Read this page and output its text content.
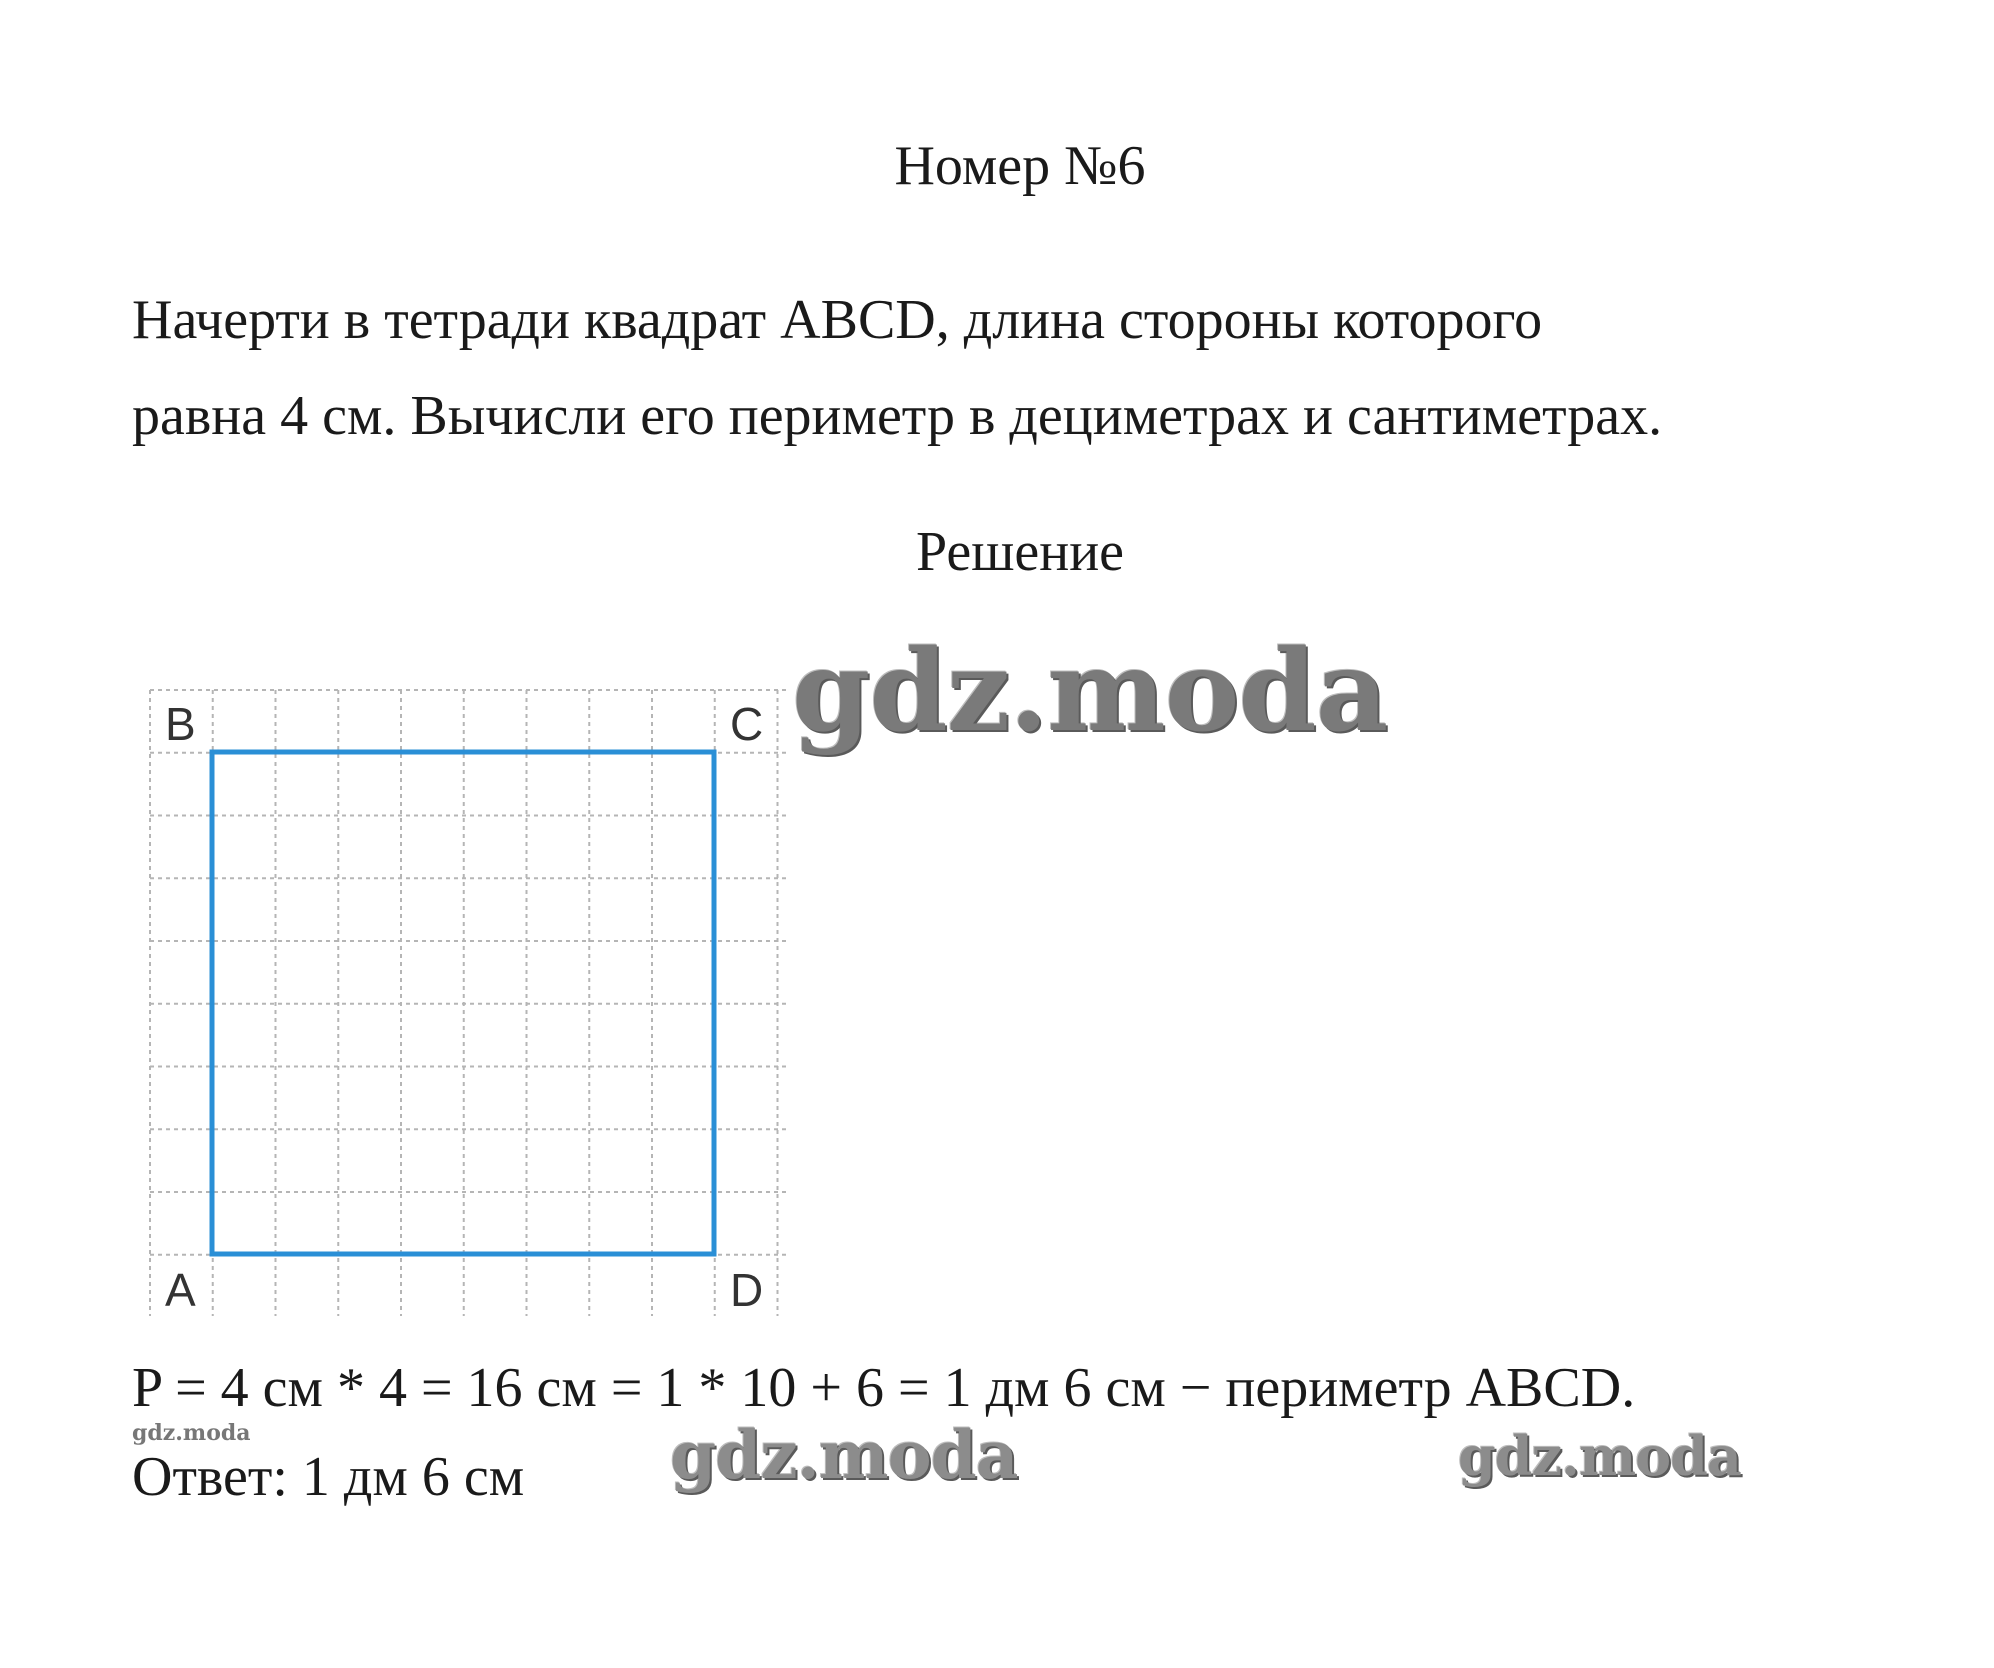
Номер №6
Начерти в тетради квадрат ABCD, длина стороны которого
равна 4 см. Вычисли его периметр в дециметрах и сантиметрах.
Решение
B	C
A	D
gdz.moda
P = 4 см * 4 = 16 см = 1 * 10 + 6 = 1 дм 6 см − периметр ABCD.
gdz.moda	gdz.moda	gdz.moda
Ответ: 1 дм 6 см
